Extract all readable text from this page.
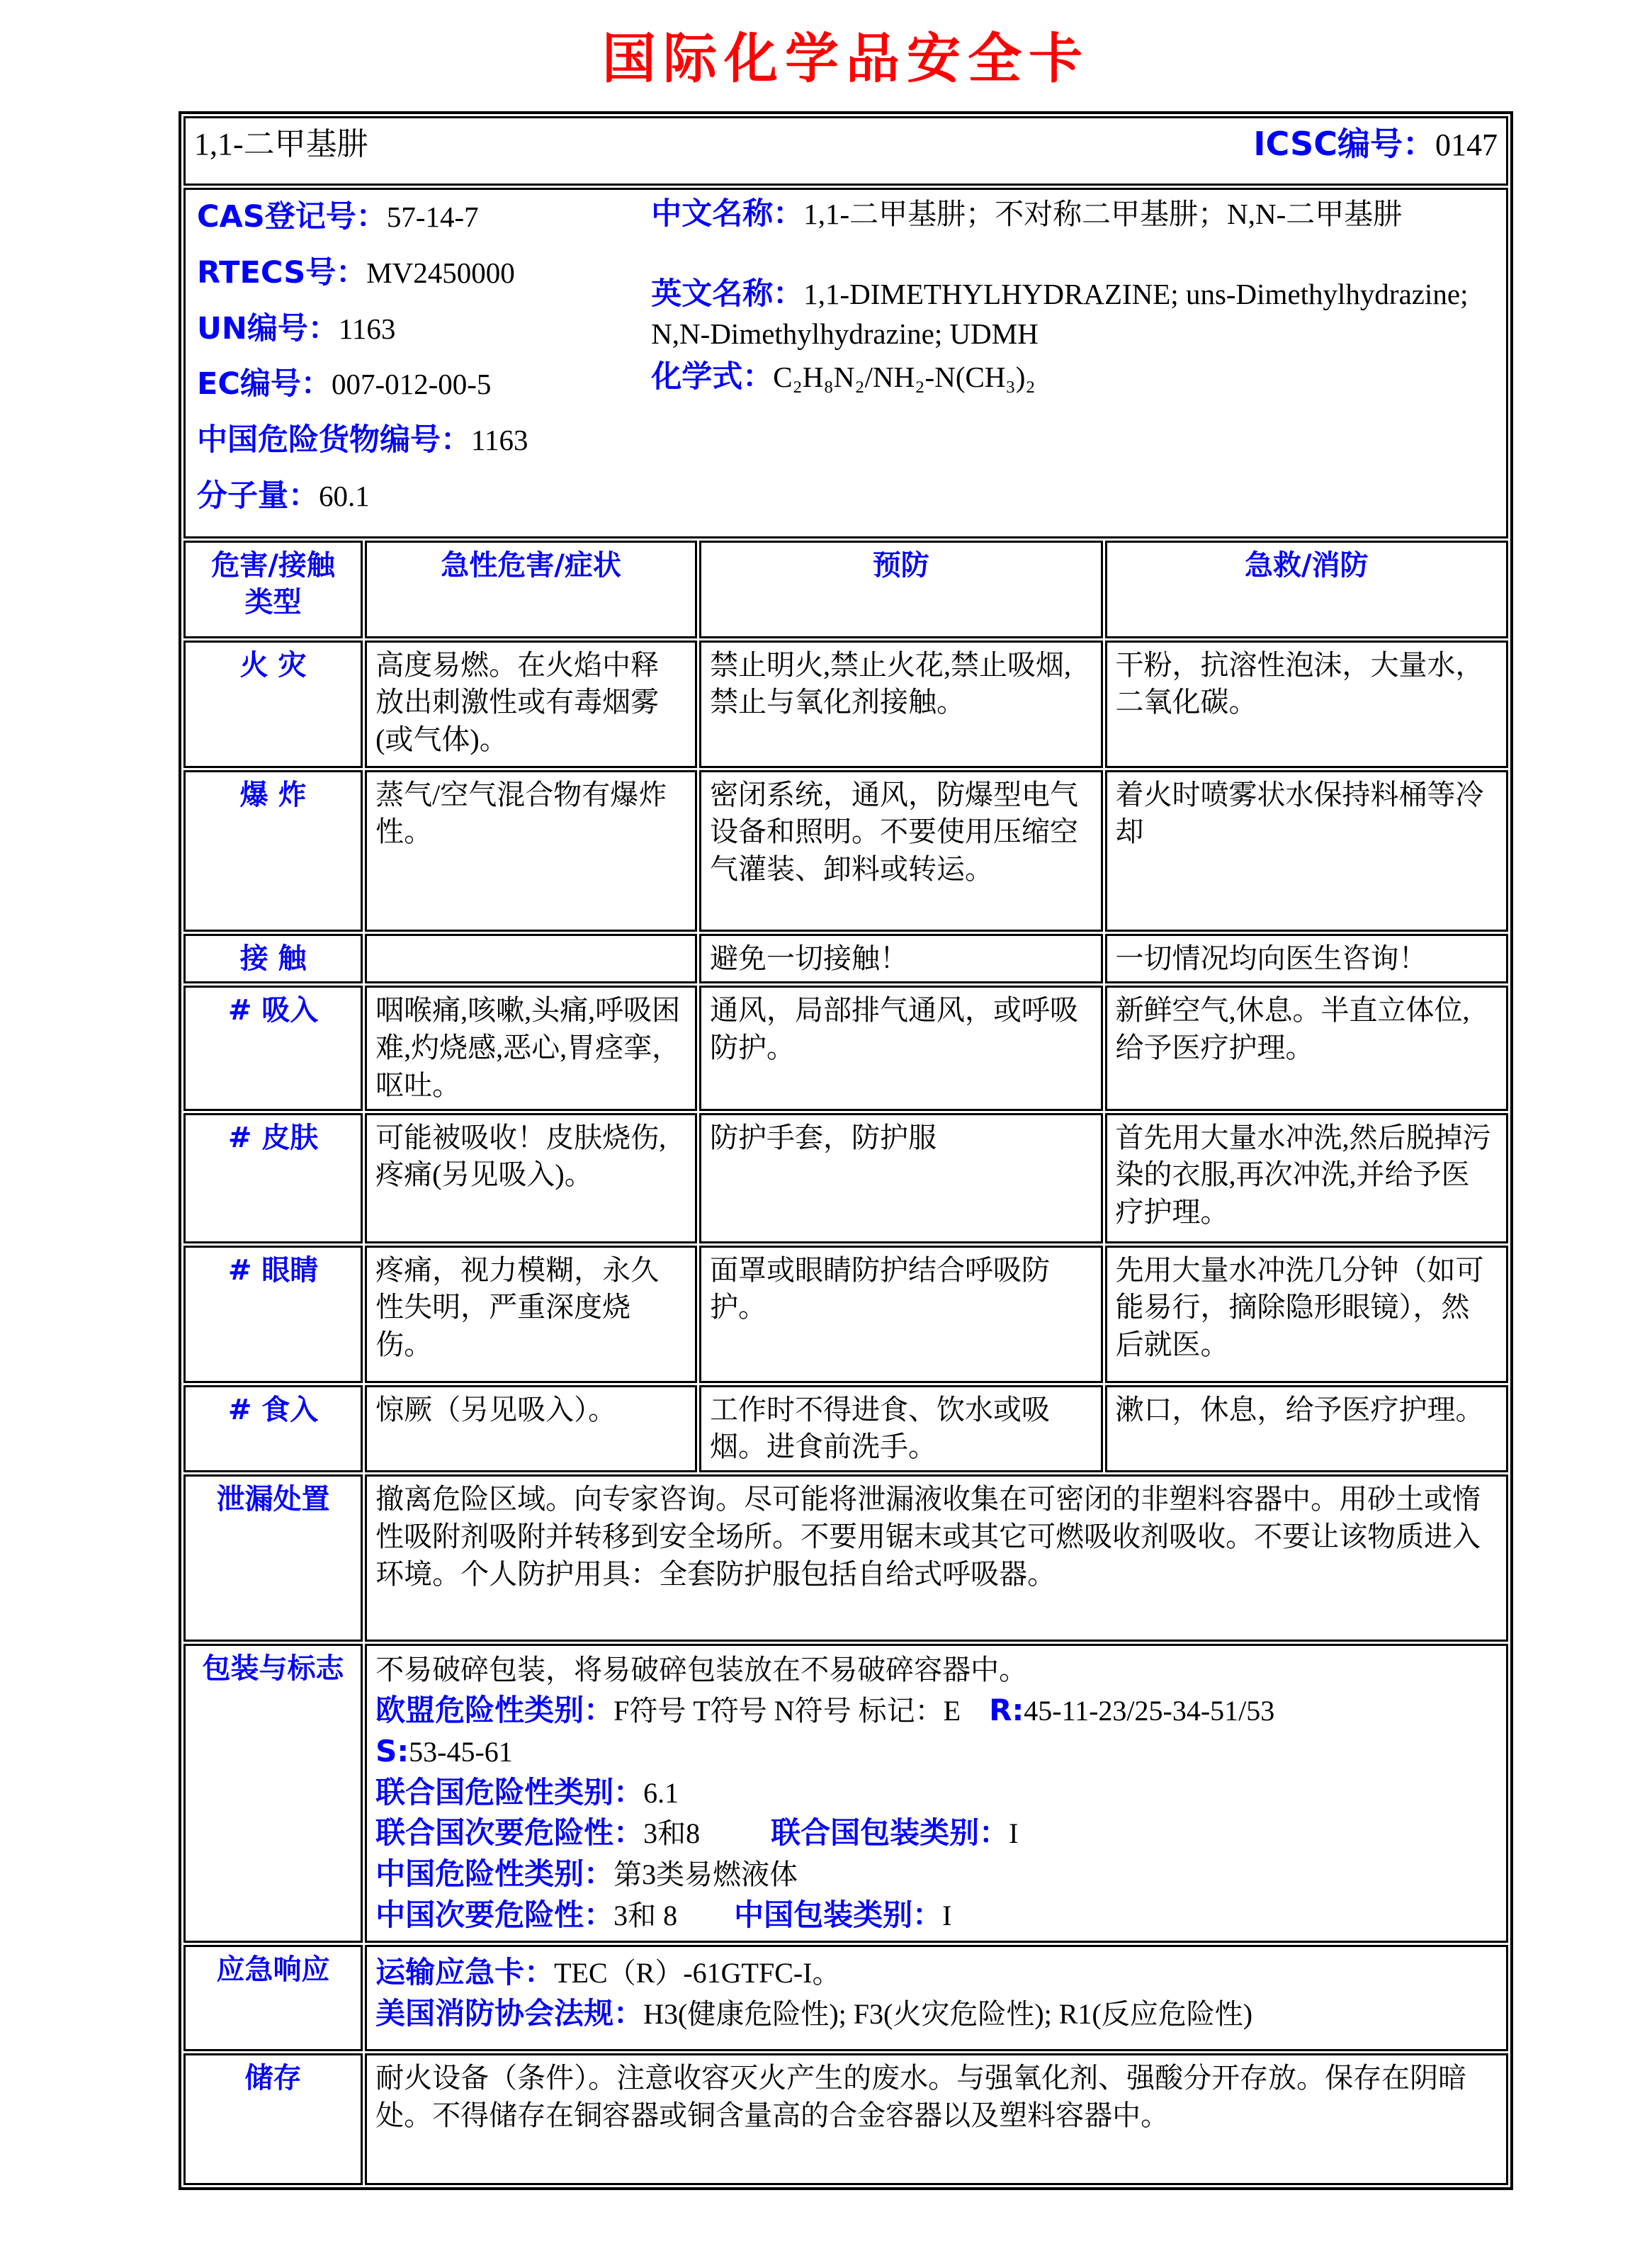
国际化学品安全卡
1,1-二甲基肼 ICSC编号：0147			

CAS登记号：57-14-7
RTECS号：MV2450000
UN编号：1163
EC编号：007-012-00-5
中国危险货物编号：1163
分子量：60.1

中文名称：1,1-二甲基肼；不对称二甲基肼；N,N-二甲基肼

英文名称：1,1-DIMETHYLHYDRAZINE; uns-Dimethylhydrazine; N,N-Dimethylhydrazine; UDMH

化学式：C₂H₈N₂/NH₂-N(CH₃)₂

危害/接触
类型	急性危害/症状	预防	急救/消防
火 灾	高度易燃。在火焰中释放出刺激性或有毒烟雾(或气体)。	禁止明火,禁止火花,禁止吸烟,禁止与氧化剂接触。	干粉，抗溶性泡沫，大量水，二氧化碳。
爆 炸	蒸气/空气混合物有爆炸性。	密闭系统，通风，防爆型电气设备和照明。不要使用压缩空气灌装、卸料或转运。	着火时喷雾状水保持料桶等冷却
接 触		避免一切接触！	一切情况均向医生咨询！
# 吸入	咽喉痛,咳嗽,头痛,呼吸困难,灼烧感,恶心,胃痉挛，呕吐。	通风，局部排气通风，或呼吸防护。	新鲜空气,休息。半直立体位,给予医疗护理。
# 皮肤	可能被吸收！皮肤烧伤,疼痛(另见吸入)。	防护手套，防护服	首先用大量水冲洗,然后脱掉污染的衣服,再次冲洗,并给予医疗护理。
# 眼睛	疼痛，视力模糊，永久性失明，严重深度烧伤。	面罩或眼睛防护结合呼吸防护。	先用大量水冲洗几分钟（如可能易行，摘除隐形眼镜），然后就医。
# 食入	惊厥（另见吸入）。	工作时不得进食、饮水或吸烟。进食前洗手。	漱口，休息，给予医疗护理。
泄漏处置	撤离危险区域。向专家咨询。尽可能将泄漏液收集在可密闭的非塑料容器中。用砂土或惰性吸附剂吸附并转移到安全场所。不要用锯末或其它可燃吸收剂吸收。不要让该物质进入环境。个人防护用具：全套防护服包括自给式呼吸器。		
包装与标志	不易破碎包装，将易破碎包装放在不易破碎容器中。
欧盟危险性类别：F符号 T符号 N符号 标记：E    R:45-11-23/25-34-51/53
S:53-45-61
联合国危险性类别：6.1
联合国次要危险性：3和8          联合国包装类别：I
中国危险性类别：第3类易燃液体
中国次要危险性：3和 8        中国包装类别：I

应急响应	运输应急卡：TEC（R）-61GTFC-I。
美国消防协会法规：H3(健康危险性); F3(火灾危险性); R1(反应危险性)		

储存	耐火设备（条件）。注意收容灭火产生的废水。与强氧化剂、强酸分开存放。保存在阴暗处。不得储存在铜容器或铜含量高的合金容器以及塑料容器中。		
